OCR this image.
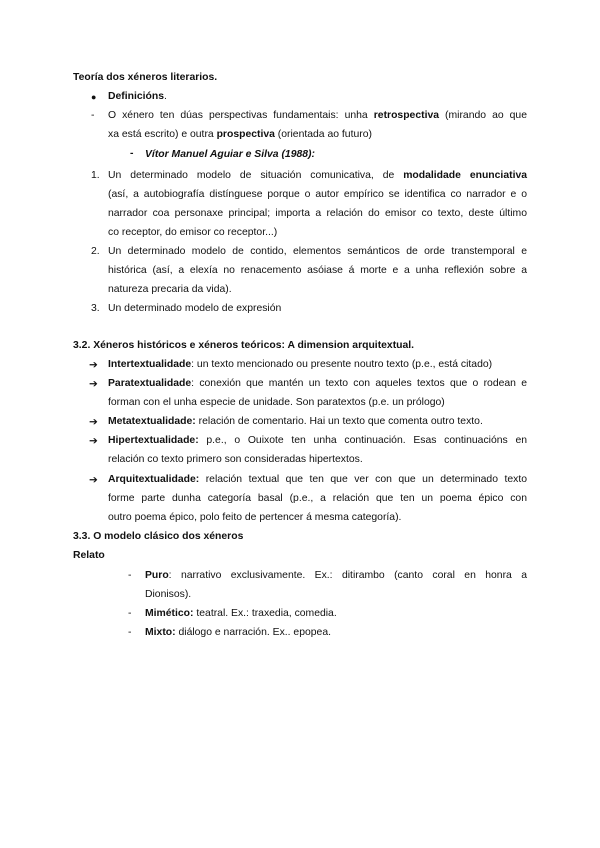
Teoría dos xéneros literarios.
● Definicións.
- O xénero ten dúas perspectivas fundamentais: unha retrospectiva (mirando ao que
xa está escrito) e outra prospectiva (orientada ao futuro)
- Vítor Manuel Aguiar e Silva (1988):
1. Un determinado modelo de situación comunicativa, de modalidade enunciativa
(así, a autobiografía distínguese porque o autor empírico se identifica co narrador e o
narrador coa personaxe principal; importa a relación do emisor co texto, deste último
co receptor, do emisor co receptor...)
2. Un determinado modelo de contido, elementos semánticos de orde transtemporal e
histórica (así, a elexía no renacemento asóiase á morte e a unha reflexión sobre a
natureza precaria da vida).
3. Un determinado modelo de expresión
3.2. Xéneros históricos e xéneros teóricos: A dimension arquitextual.
➔ Intertextualidade: un texto mencionado ou presente noutro texto (p.e., está citado)
➔ Paratextualidade: conexión que mantén un texto con aqueles textos que o rodean e
forman con el unha especie de unidade. Son paratextos (p.e. un prólogo)
➔ Metatextualidade: relación de comentario. Hai un texto que comenta outro texto.
➔ Hipertextualidade: p.e., o Ouixote ten unha continuación. Esas continuacións en
relación co texto primero son consideradas hipertextos.
➔ Arquitextualidade: relación textual que ten que ver con que un determinado texto
forme parte dunha categoría basal (p.e., a relación que ten un poema épico con
outro poema épico, polo feito de pertencer á mesma categoría).
3.3. O modelo clásico dos xéneros
Relato
- Puro: narrativo exclusivamente. Ex.: ditirambo (canto coral en honra a
Dionisos).
- Mimético: teatral. Ex.: traxedia, comedia.
- Mixto: diálogo e narración. Ex.. epopea.
